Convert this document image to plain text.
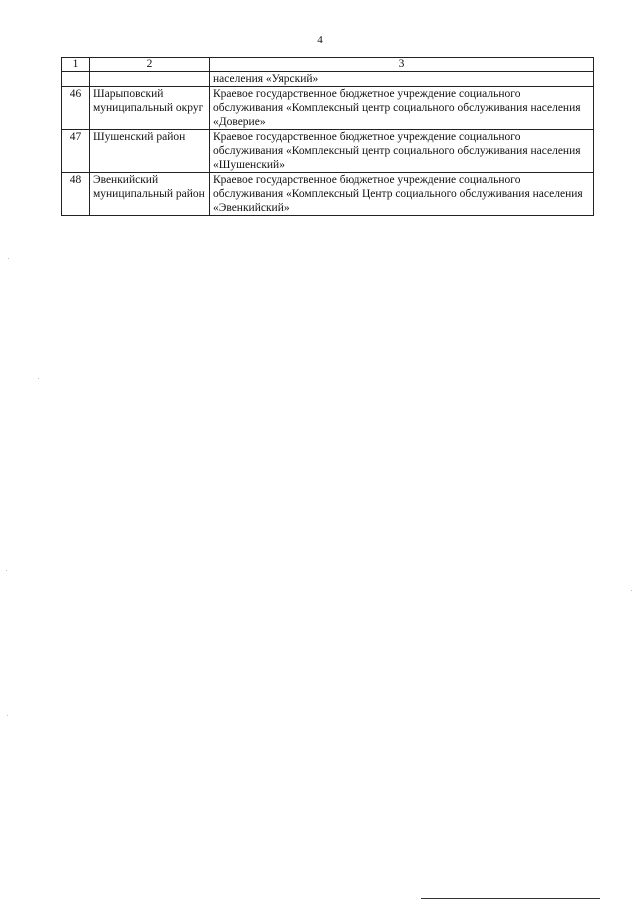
4
1	2	3
		населения «Уярский»
46	Шарыповский муниципальный округ	Краевое государственное бюджетное учреждение социального обслуживания «Комплексный центр социального обслуживания населения «Доверие»
47	Шушенский район	Краевое государственное бюджетное учреждение социального обслуживания «Комплексный центр социального обслуживания населения «Шушенский»
48	Эвенкийский муниципальный район	Краевое государственное бюджетное учреждение социального обслуживания «Комплексный Центр социального обслуживания населения «Эвенкийский»
